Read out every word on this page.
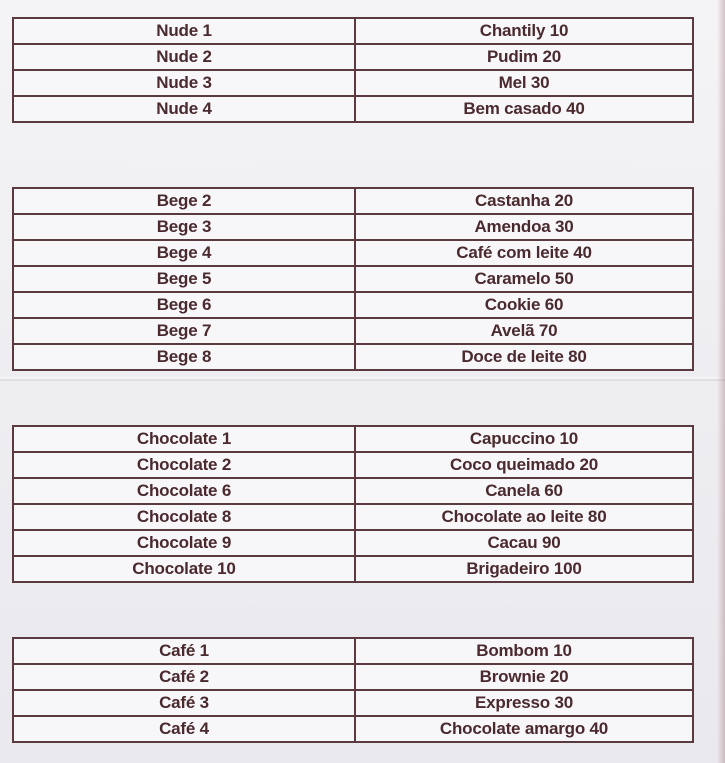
Nude 1	Chantily 10
Nude 2	Pudim 20
Nude 3	Mel 30
Nude 4	Bem casado 40
Bege 2	Castanha 20
Bege 3	Amendoa 30
Bege 4	Café com leite 40
Bege 5	Caramelo 50
Bege 6	Cookie 60
Bege 7	Avelã 70
Bege 8	Doce de leite 80
Chocolate 1	Capuccino 10
Chocolate 2	Coco queimado 20
Chocolate 6	Canela 60
Chocolate 8	Chocolate ao leite 80
Chocolate 9	Cacau 90
Chocolate 10	Brigadeiro 100
Café 1	Bombom 10
Café 2	Brownie 20
Café 3	Expresso 30
Café 4	Chocolate amargo 40
